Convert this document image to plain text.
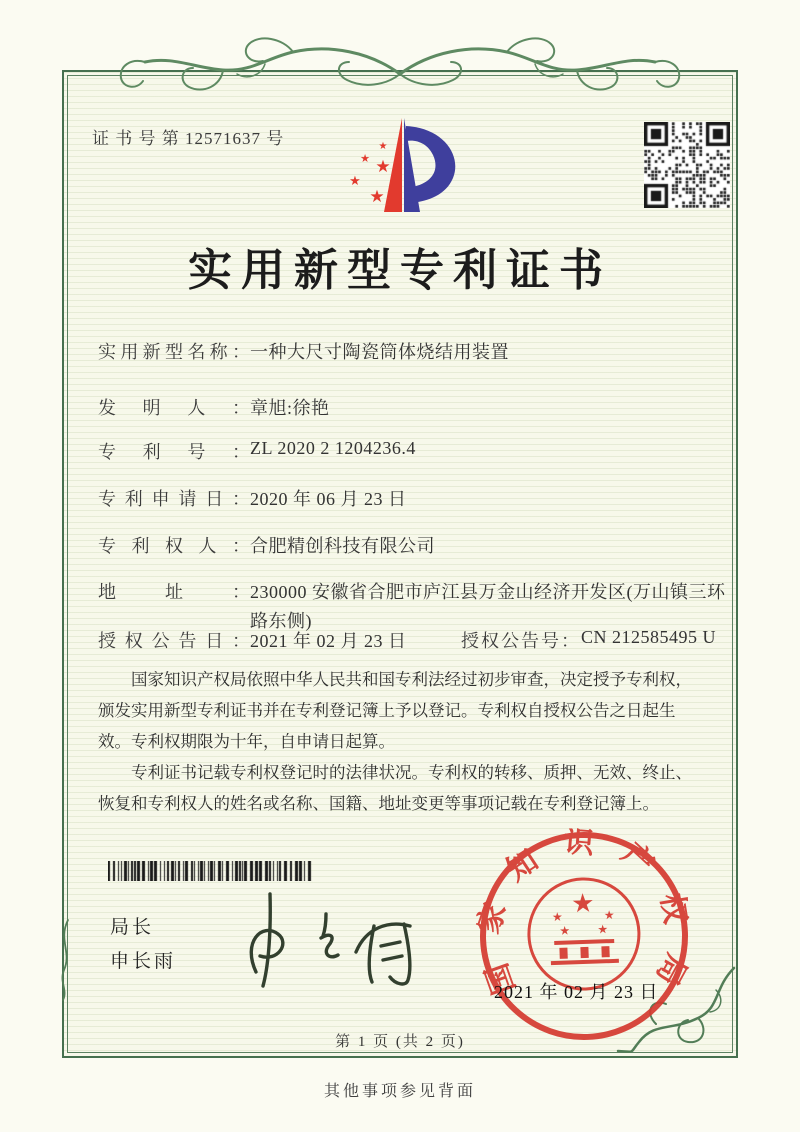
证 书 号 第 12571637 号	★
★ ★
★
★
实用新型专利证书
实用新型名称： 一种大尺寸陶瓷筒体烧结用装置
发明人： 章旭:徐艳
专利号： ZL 2020 2 1204236.4
专利申请日： 2020 年 06 月 23 日
专利权人： 合肥精创科技有限公司
地址： 230000 安徽省合肥市庐江县万金山经济开发区(万山镇三环路东侧)
授权公告日： 2021 年 02 月 23 日	授权公告号： CN 212585495 U

国家知识产权局依照中华人民共和国专利法经过初步审查，决定授予专利权，颁发实用新型专利证书并在专利登记簿上予以登记。专利权自授权公告之日起生效。专利权期限为十年，自申请日起算。

专利证书记载专利权登记时的法律状况。专利权的转移、质押、无效、终止、恢复和专利权人的姓名或名称、国籍、地址变更等事项记载在专利登记簿上。

局长
申长雨	国家知识产权局
★
★	★
★ ★
2021 年 02 月 23 日
第 1 页 (共 2 页)
其他事项参见背面
